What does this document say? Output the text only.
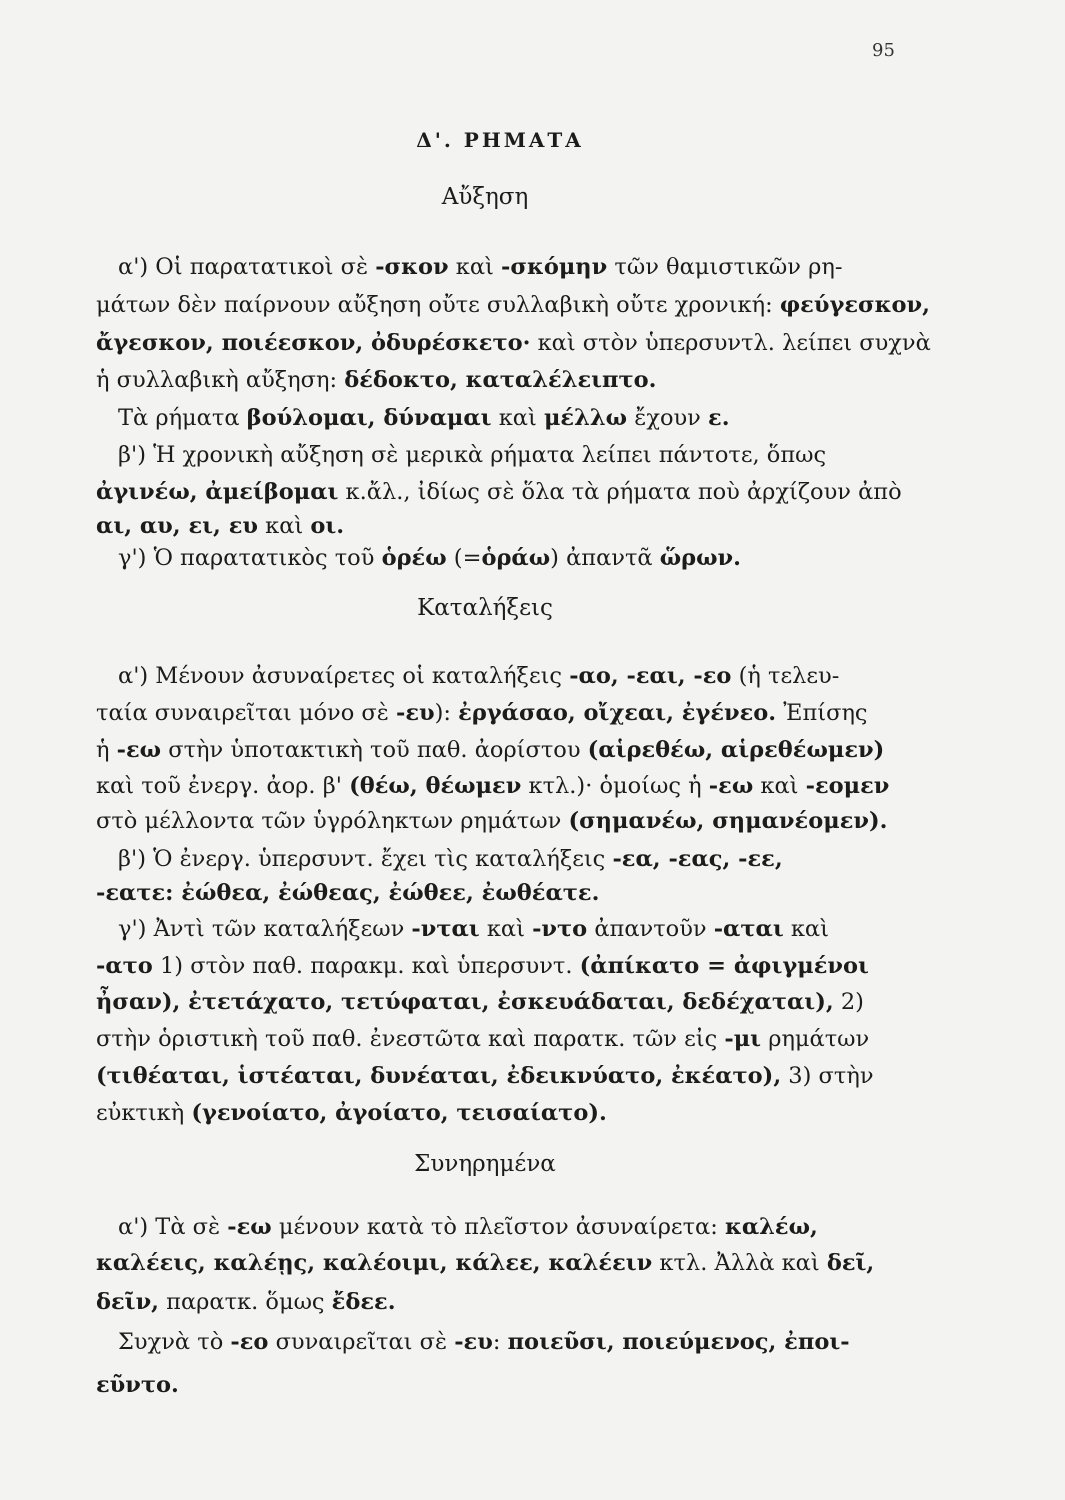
95
Δ'. ΡΗΜΑΤΑ
Αὔξηση
α') Οἱ παρατατικοὶ σὲ -σκον καὶ -σκόμην τῶν θαμιστικῶν ρη-
μάτων δὲν παίρνουν αὔξηση οὔτε συλλαβικὴ οὔτε χρονική: φεύγεσκον,
ἄγεσκον, ποιέεσκον, ὀδυρέσκετο· καὶ στὸν ὑπερσυντλ. λείπει συχνὰ
ἡ συλλαβικὴ αὔξηση: δέδοκτο, καταλέλειπτο.
Τὰ ρήματα βούλομαι, δύναμαι καὶ μέλλω ἔχουν ε.
β') Ἡ χρονικὴ αὔξηση σὲ μερικὰ ρήματα λείπει πάντοτε, ὅπως
ἀγινέω, ἀμείβομαι κ.ἄλ., ἰδίως σὲ ὅλα τὰ ρήματα ποὺ ἀρχίζουν ἀπὸ
αι, αυ, ει, ευ καὶ οι.
γ') Ὁ παρατατικὸς τοῦ ὁρέω (=ὁράω) ἀπαντᾶ ὥρων.
Καταλήξεις
α') Μένουν ἀσυναίρετες οἱ καταλήξεις -αο, -εαι, -εο (ἡ τελευ-
ταία συναιρεῖται μόνο σὲ -ευ): ἐργάσαο, οἴχεαι, ἐγένεο. Ἐπίσης
ἡ -εω στὴν ὑποτακτικὴ τοῦ παθ. ἀορίστου (αἱρεθέω, αἱρεθέωμεν)
καὶ τοῦ ἐνεργ. ἀορ. β' (θέω, θέωμεν κτλ.)· ὁμοίως ἡ -εω καὶ -εομεν
στὸ μέλλοντα τῶν ὑγρόληκτων ρημάτων (σημανέω, σημανέομεν).
β') Ὁ ἐνεργ. ὑπερσυντ. ἔχει τὶς καταλήξεις -εα, -εας, -εε,
-εατε: ἐώθεα, ἐώθεας, ἐώθεε, ἐωθέατε.
γ') Ἀντὶ τῶν καταλήξεων -νται καὶ -ντο ἀπαντοῦν -αται καὶ
-ατο 1) στὸν παθ. παρακμ. καὶ ὑπερσυντ. (ἀπίκατο = ἀφιγμένοι
ἦσαν), ἐτετάχατο, τετύφαται, ἐσκευάδαται, δεδέχαται), 2)
στὴν ὁριστικὴ τοῦ παθ. ἐνεστῶτα καὶ παρατκ. τῶν εἰς -μι ρημάτων
(τιθέαται, ἱστέαται, δυνέαται, ἐδεικνύατο, ἐκέατο), 3) στὴν
εὐκτικὴ (γενοίατο, ἀγοίατο, τεισαίατο).
Συνηρημένα
α') Τὰ σὲ -εω μένουν κατὰ τὸ πλεῖστον ἀσυναίρετα: καλέω,
καλέεις, καλέῃς, καλέοιμι, κάλεε, καλέειν κτλ. Ἀλλὰ καὶ δεῖ,
δεῖν, παρατκ. ὅμως ἔδεε.
Συχνὰ τὸ -εο συναιρεῖται σὲ -ευ: ποιεῦσι, ποιεύμενος, ἐποι-
εῦντο.
